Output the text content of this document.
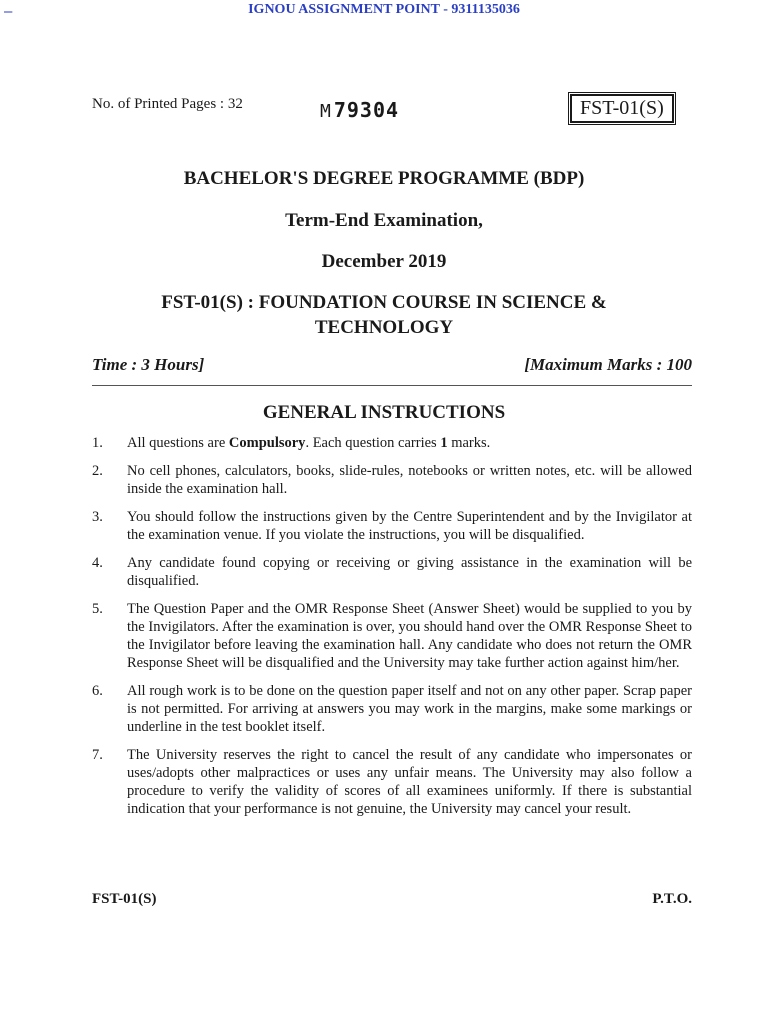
–	IGNOU ASSIGNMENT POINT - 9311135036
No. of Printed Pages : 32	M 79304	FST-01(S)
BACHELOR'S DEGREE PROGRAMME (BDP)
Term-End Examination,
December 2019
FST-01(S) : FOUNDATION COURSE IN SCIENCE &
TECHNOLOGY
Time : 3 Hours]	[Maximum Marks : 100
GENERAL INSTRUCTIONS
1.	All questions are Compulsory. Each question carries 1 marks.
2.	No cell phones, calculators, books, slide-rules, notebooks or written notes, etc. will be allowed inside the examination hall.
3.	You should follow the instructions given by the Centre Superintendent and by the Invigilator at the examination venue. If you violate the instructions, you will be disqualified.
4.	Any candidate found copying or receiving or giving assistance in the examination will be disqualified.
5.	The Question Paper and the OMR Response Sheet (Answer Sheet) would be supplied to you by the Invigilators. After the examination is over, you should hand over the OMR Response Sheet to the Invigilator before leaving the examination hall. Any candidate who does not return the OMR Response Sheet will be disqualified and the University may take further action against him/her.
6.	All rough work is to be done on the question paper itself and not on any other paper. Scrap paper is not permitted. For arriving at answers you may work in the margins, make some markings or underline in the test booklet itself.
7.	The University reserves the right to cancel the result of any candidate who impersonates or uses/adopts other malpractices or uses any unfair means. The University may also follow a procedure to verify the validity of scores of all examinees uniformly. If there is substantial indication that your performance is not genuine, the University may cancel your result.
FST-01(S)	P.T.O.
